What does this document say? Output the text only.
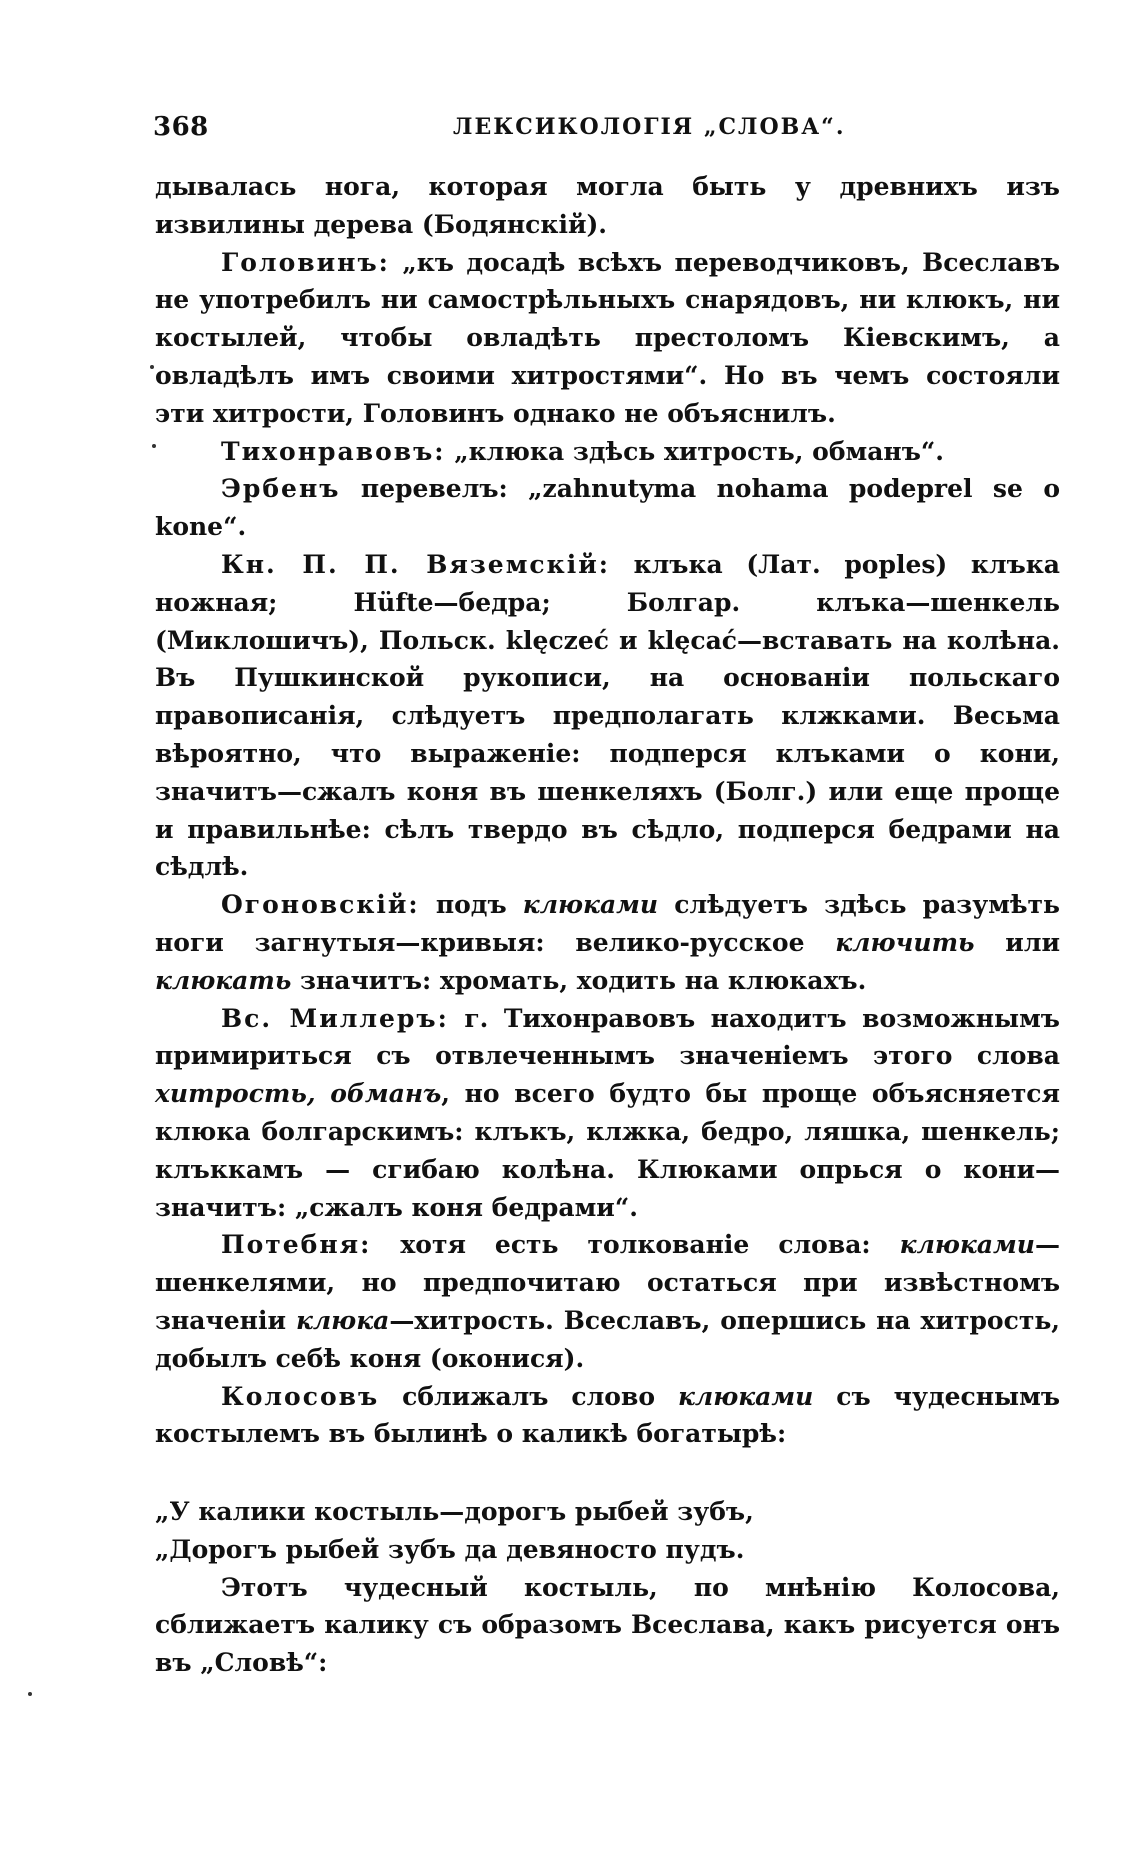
368	ЛЕКСИКОЛОГІЯ „СЛОВА“.

дывалась нога, которая могла быть у древнихъ изъ извилины дерева (Бодянскій).

Головинъ: „къ досадѣ всѣхъ переводчиковъ, Всеславъ не употребилъ ни самострѣльныхъ снарядовъ, ни клюкъ, ни костылей, чтобы овладѣть престоломъ Кіевскимъ, а овладѣлъ имъ своими хитростями“. Но въ чемъ состояли эти хитрости, Головинъ однако не объяснилъ.

Тихонравовъ: „клюка здѣсь хитрость, обманъ“.

Эрбенъ перевелъ: „zahnutyma nohama podeprel se o kone“.

Кн. П. П. Вяземскій: клъка (Лат. poples) клъка ножная; Hüfte—бедра; Болгар. клъка—шенкель (Миклошичъ), Польск. klęczeć и klęcać—вставать на колѣна. Въ Пушкинской рукописи, на основаніи польскаго правописанія, слѣдуетъ предполагать клжками. Весьма вѣроятно, что выраженіе: подперся клъками о кони, значитъ—сжалъ коня въ шенкеляхъ (Болг.) или еще проще и правильнѣе: сѣлъ твердо въ сѣдло, подперся бедрами на сѣдлѣ.

Огоновскій: подъ клюками слѣдуетъ здѣсь разумѣть ноги загнутыя—кривыя: велико-русское ключить или клюкать значитъ: хромать, ходить на клюкахъ.

Вс. Миллеръ: г. Тихонравовъ находитъ возможнымъ примириться съ отвлеченнымъ значеніемъ этого слова хитрость, обманъ, но всего будто бы проще объясняется клюка болгарскимъ: клъкъ, клжка, бедро, ляшка, шенкель; клъккамъ — сгибаю колѣна. Клюками опрься о кони—значитъ: „сжалъ коня бедрами“.

Потебня: хотя есть толкованіе слова: клюками—шенкелями, но предпочитаю остаться при извѣстномъ значеніи клюка—хитрость. Всеславъ, опершись на хитрость, добылъ себѣ коня (оконися).

Колосовъ сближалъ слово клюками съ чудеснымъ костылемъ въ былинѣ о каликѣ богатырѣ:

„У калики костыль—дорогъ рыбей зубъ,
„Дорогъ рыбей зубъ да девяносто пудъ.

Этотъ чудесный костыль, по мнѣнію Колосова, сближаетъ калику съ образомъ Всеслава, какъ рисуется онъ въ „Словѣ“:
